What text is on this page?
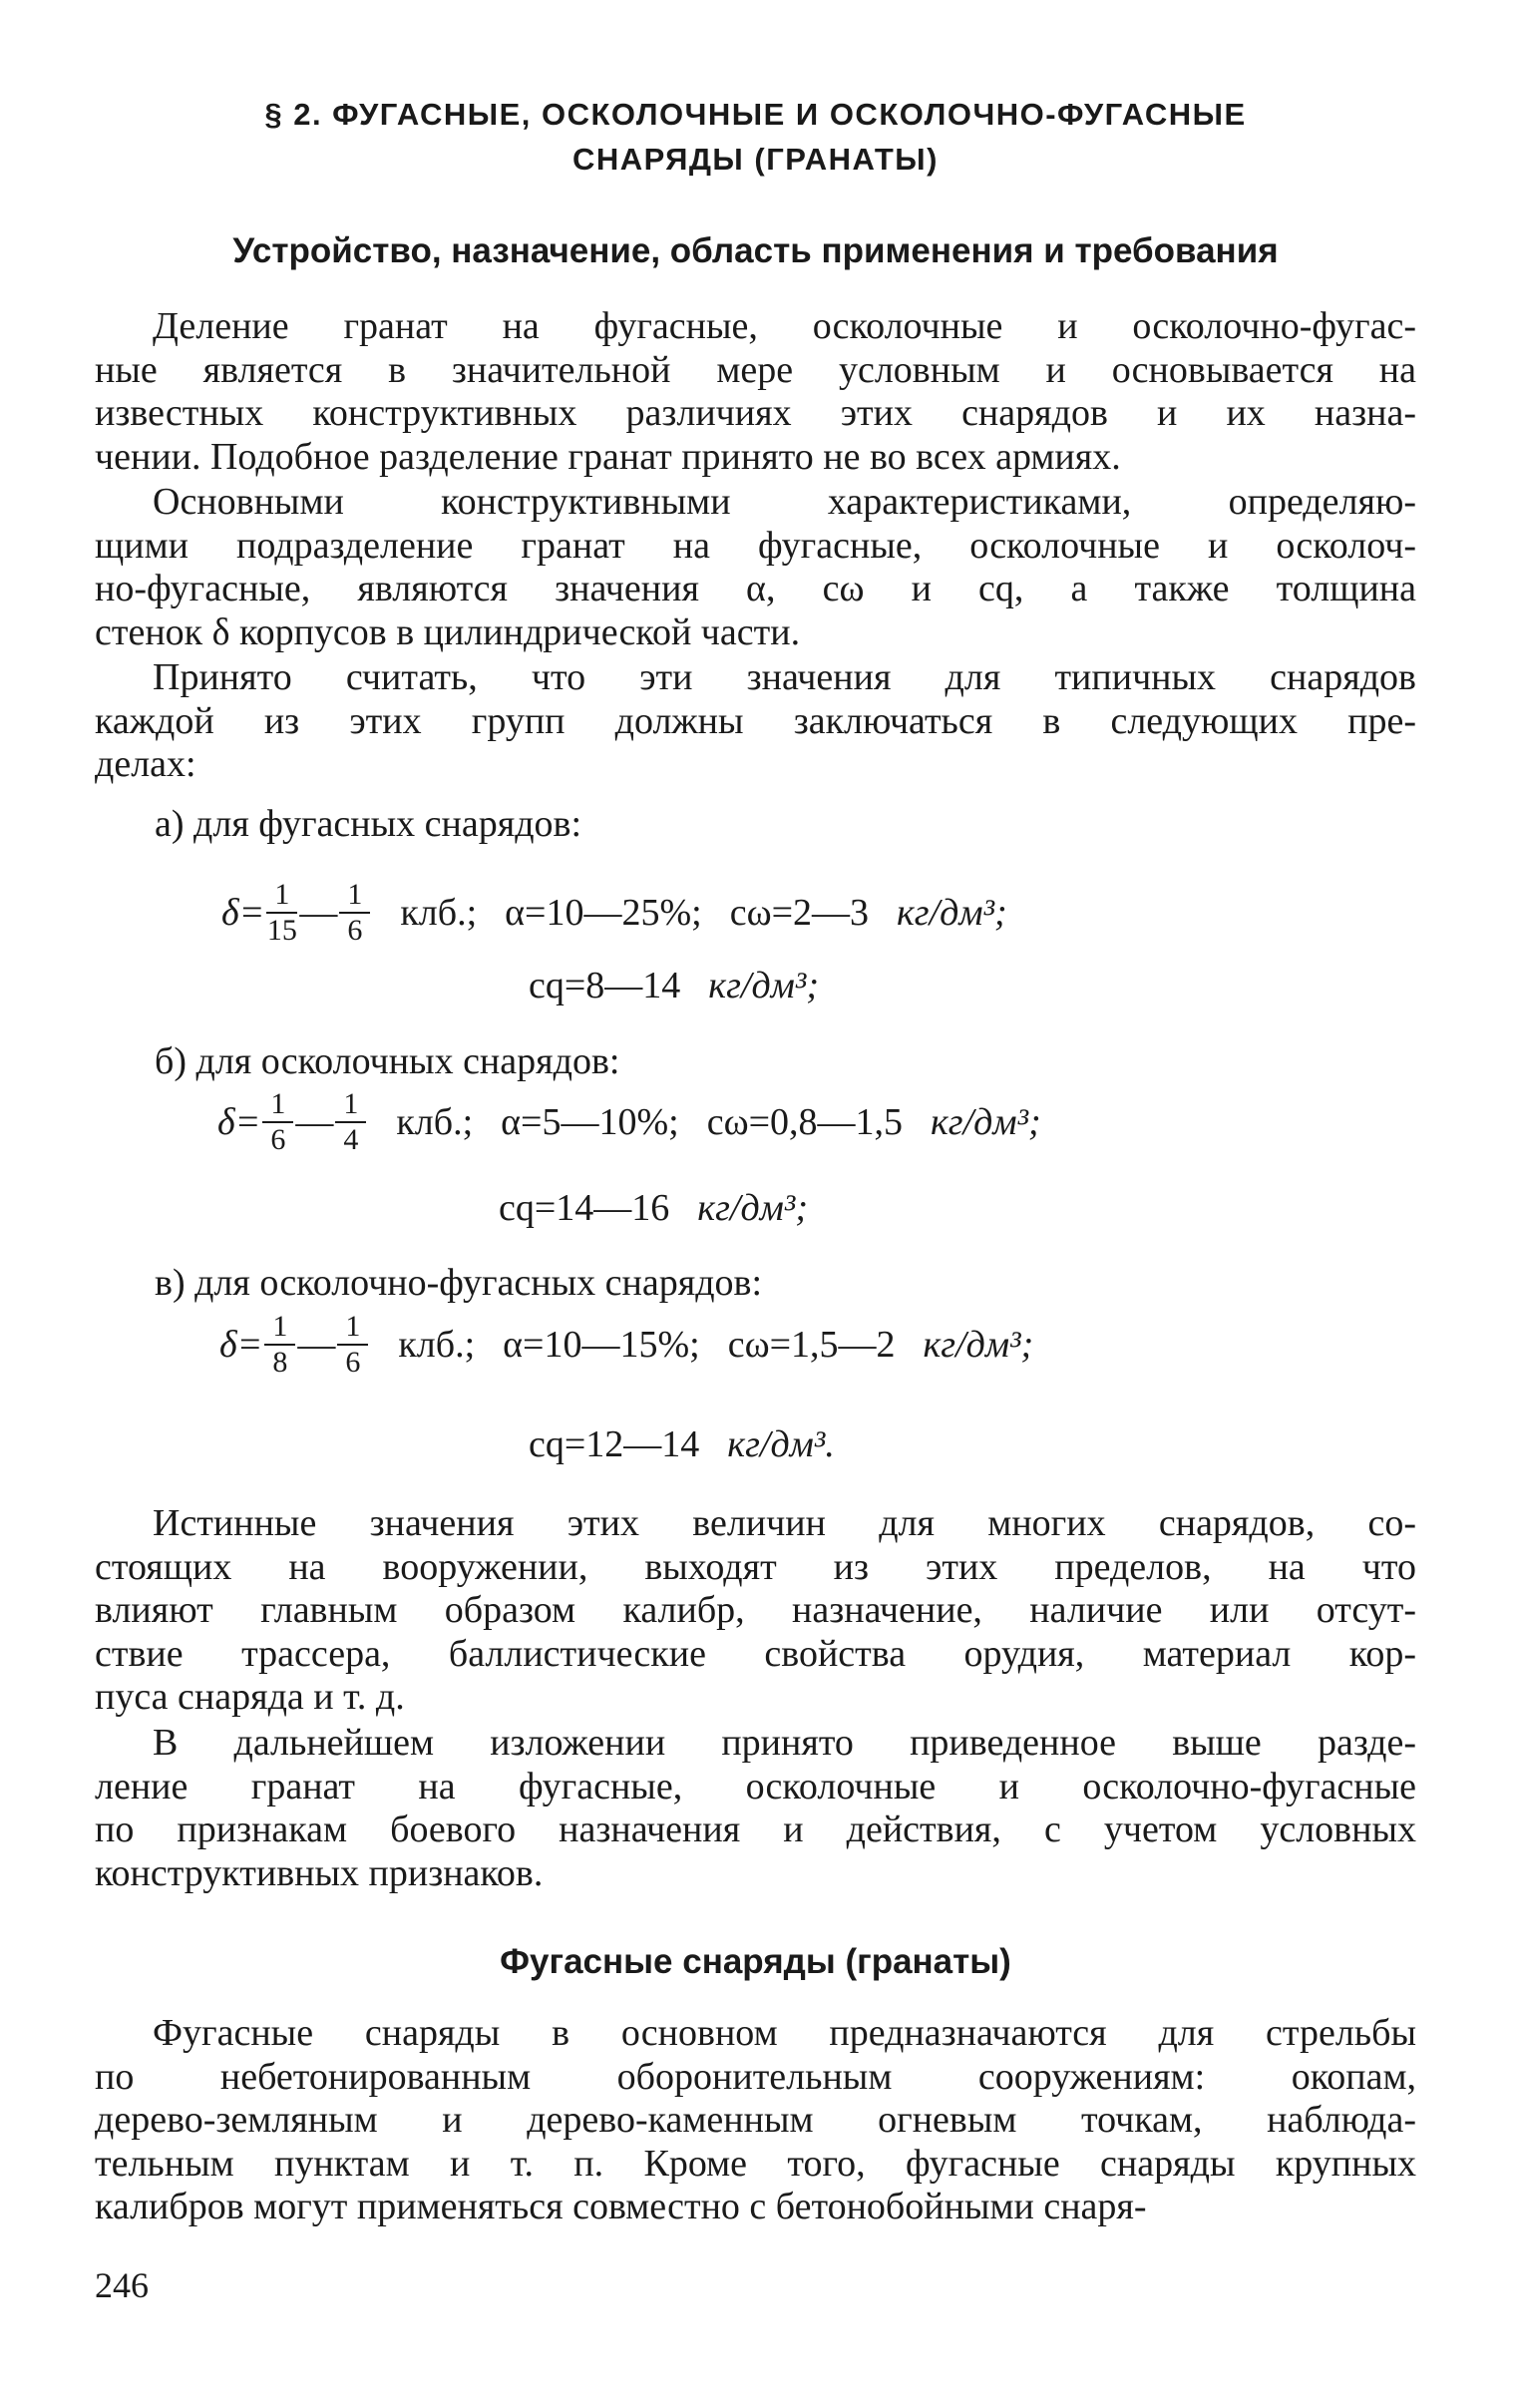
§ 2. ФУГАСНЫЕ, ОСКОЛОЧНЫЕ И ОСКОЛОЧНО-ФУГАСНЫЕ
СНАРЯДЫ (ГРАНАТЫ)
Устройство, назначение, область применения и требования
Деление гранат на фугасные, осколочные и осколочно-фугас-
ные является в значительной мере условным и основывается на
известных конструктивных различиях этих снарядов и их назна-
чении. Подобное разделение гранат принято не во всех армиях.
Основными конструктивными характеристиками, определяю-
щими подразделение гранат на фугасные, осколочные и осколоч-
но-фугасные, являются значения α, cω и cq, а также толщина
стенок δ корпусов в цилиндрической части.
Принято считать, что эти значения для типичных снарядов
каждой из этих групп должны заключаться в следующих пре-
делах:
а) для фугасных снарядов:
$\delta= \frac{1}{15}$ — $\frac{1}{6}$ клб.; α=10—25%; cω=2—3 кг/дм³;
cq=8—14 кг/дм³;
б) для осколочных снарядов:
$\delta= \frac{1}{6}$ — $\frac{1}{4}$ клб.; α=5—10%; cω=0,8—1,5 кг/дм³;
cq=14—16 кг/дм³;
в) для осколочно-фугасных снарядов:
$\delta= \frac{1}{8}$ — $\frac{1}{6}$ клб.; α=10—15%; cω=1,5—2 кг/дм³;
cq=12—14 кг/дм³.
Истинные значения этих величин для многих снарядов, со-
стоящих на вооружении, выходят из этих пределов, на что
влияют главным образом калибр, назначение, наличие или отсут-
ствие трассера, баллистические свойства орудия, материал кор-
пуса снаряда и т. д.
В дальнейшем изложении принято приведенное выше разде-
ление гранат на фугасные, осколочные и осколочно-фугасные
по признакам боевого назначения и действия, с учетом условных
конструктивных признаков.
Фугасные снаряды (гранаты)
Фугасные снаряды в основном предназначаются для стрельбы
по небетонированным оборонительным сооружениям: окопам,
дерево-земляным и дерево-каменным огневым точкам, наблюда-
тельным пунктам и т. п. Кроме того, фугасные снаряды крупных
калибров могут применяться совместно с бетонобойными снаря-
246
